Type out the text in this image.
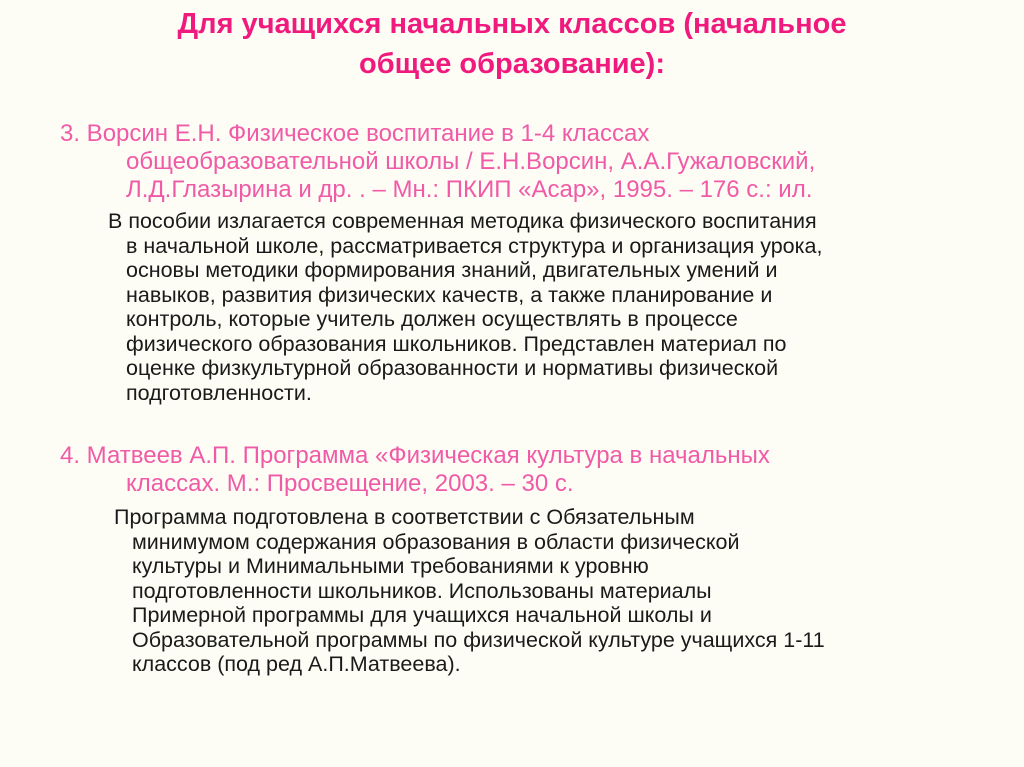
Для учащихся начальных классов (начальное
общее образование):
3. Ворсин Е.Н. Физическое воспитание в 1-4 классах
общеобразовательной школы / Е.Н.Ворсин, А.А.Гужаловский,
Л.Д.Глазырина и др. . – Мн.: ПКИП «Асар», 1995. – 176 с.: ил.
В пособии излагается современная методика физического воспитания
в начальной школе, рассматривается структура и организация урока,
основы методики формирования знаний, двигательных умений и
навыков, развития физических качеств, а также планирование и
контроль, которые учитель должен осуществлять в процессе
физического образования школьников. Представлен материал по
оценке физкультурной образованности и нормативы физической
подготовленности.
4. Матвеев А.П. Программа «Физическая культура в начальных
классах. М.: Просвещение, 2003. – 30 с.
Программа подготовлена в соответствии с Обязательным
минимумом содержания образования в области физической
культуры и Минимальными требованиями к уровню
подготовленности школьников. Использованы материалы
Примерной программы для учащихся начальной школы и
Образовательной программы по физической культуре учащихся 1-11
классов (под ред А.П.Матвеева).
